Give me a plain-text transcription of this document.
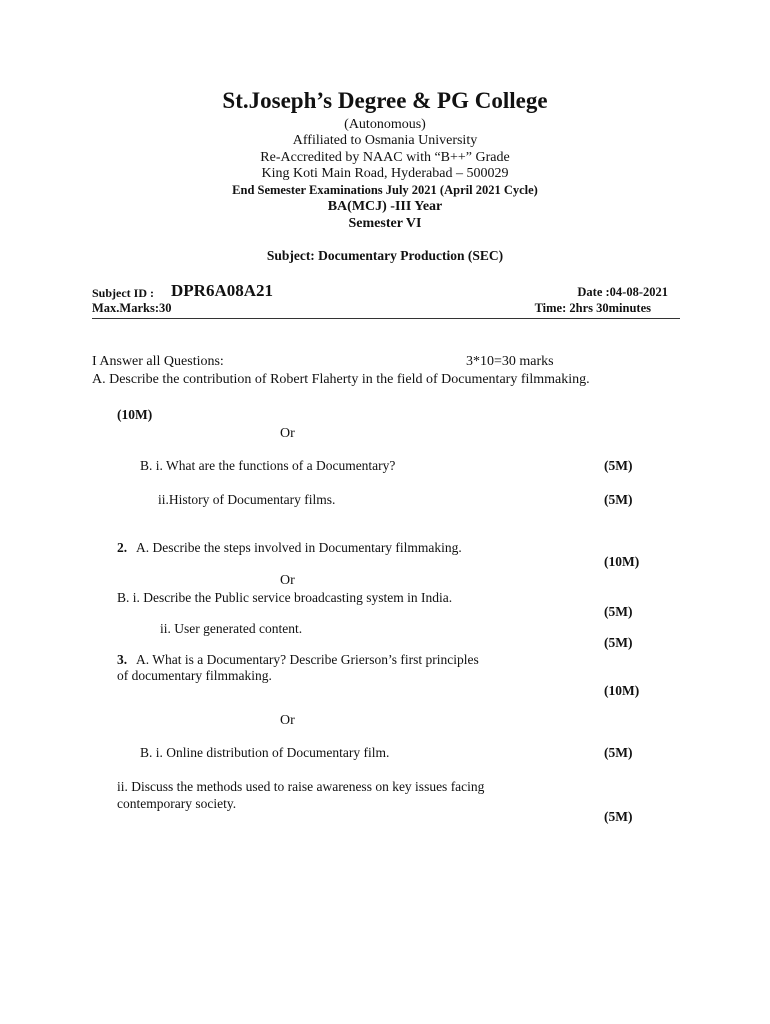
St.Joseph’s Degree & PG College
(Autonomous)
Affiliated to Osmania University
Re-Accredited by NAAC with “B++” Grade
King Koti Main Road, Hyderabad – 500029
End Semester Examinations July 2021 (April 2021 Cycle)
BA(MCJ) -III Year
Semester VI
Subject: Documentary Production (SEC)
Subject ID : DPR6A08A21	Date :04-08-2021
Max.Marks:30	Time: 2hrs 30minutes
I Answer all Questions:	3*10=30 marks
A. Describe the contribution of Robert Flaherty in the field of Documentary filmmaking.
(10M)
Or
B. i. What are the functions of a Documentary?	(5M)
ii.History of Documentary films.	(5M)
2. A. Describe the steps involved in Documentary filmmaking.
(10M)
Or
B. i. Describe the Public service broadcasting system in India.
(5M)
ii. User generated content.
(5M)
3. A. What is a Documentary? Describe Grierson’s first principles
of documentary filmmaking.
(10M)
Or
B. i. Online distribution of Documentary film.	(5M)
ii. Discuss the methods used to raise awareness on key issues facing
contemporary society.
(5M)
